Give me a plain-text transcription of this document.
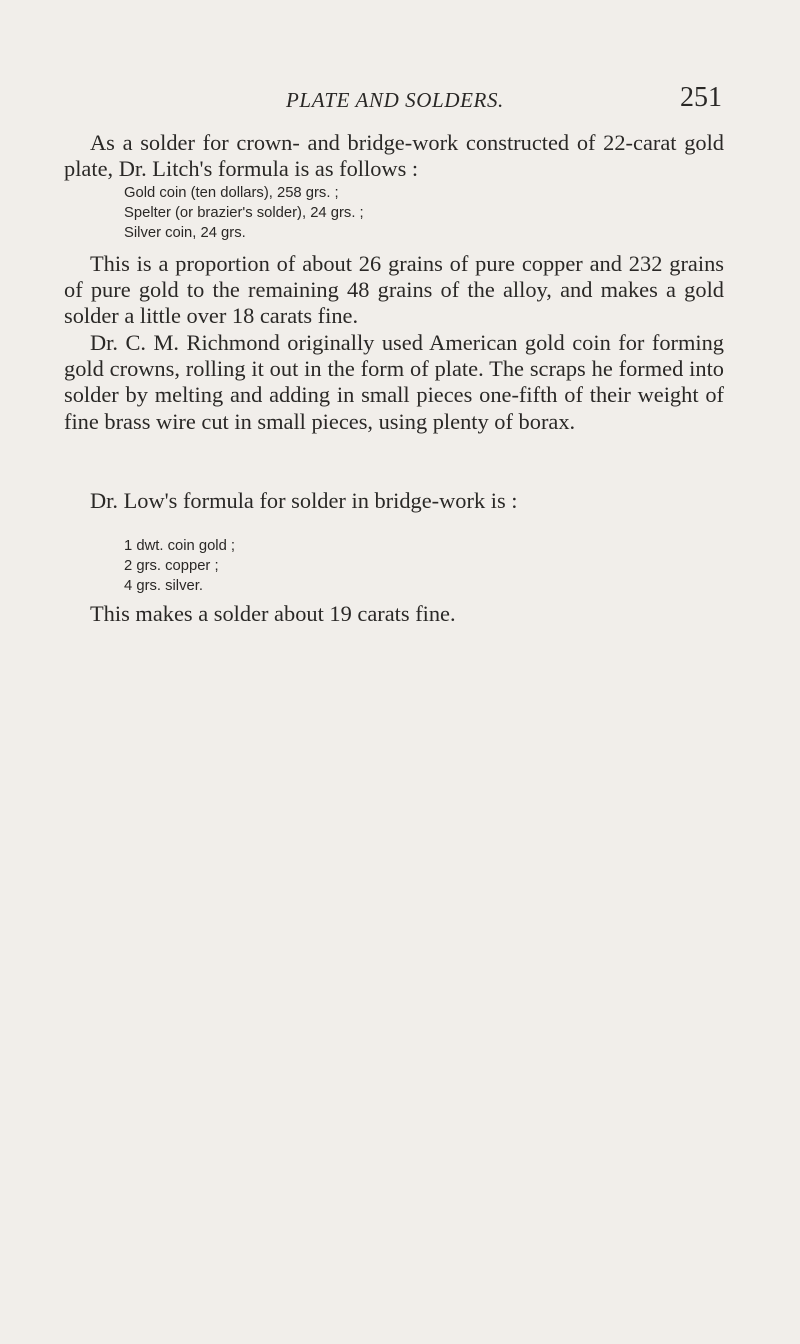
PLATE AND SOLDERS.	251

As a solder for crown- and bridge-work constructed of 22-carat gold plate, Dr. Litch's formula is as follows :

Gold coin (ten dollars), 258 grs. ;
Spelter (or brazier's solder), 24 grs. ;
Silver coin, 24 grs.

This is a proportion of about 26 grains of pure copper and 232 grains of pure gold to the remaining 48 grains of the alloy, and makes a gold solder a little over 18 carats fine.

Dr. C. M. Richmond originally used American gold coin for forming gold crowns, rolling it out in the form of plate. The scraps he formed into solder by melting and adding in small pieces one-fifth of their weight of fine brass wire cut in small pieces, using plenty of borax.

Dr. Low's formula for solder in bridge-work is :

1 dwt. coin gold ;
2 grs. copper ;
4 grs. silver.

This makes a solder about 19 carats fine.
